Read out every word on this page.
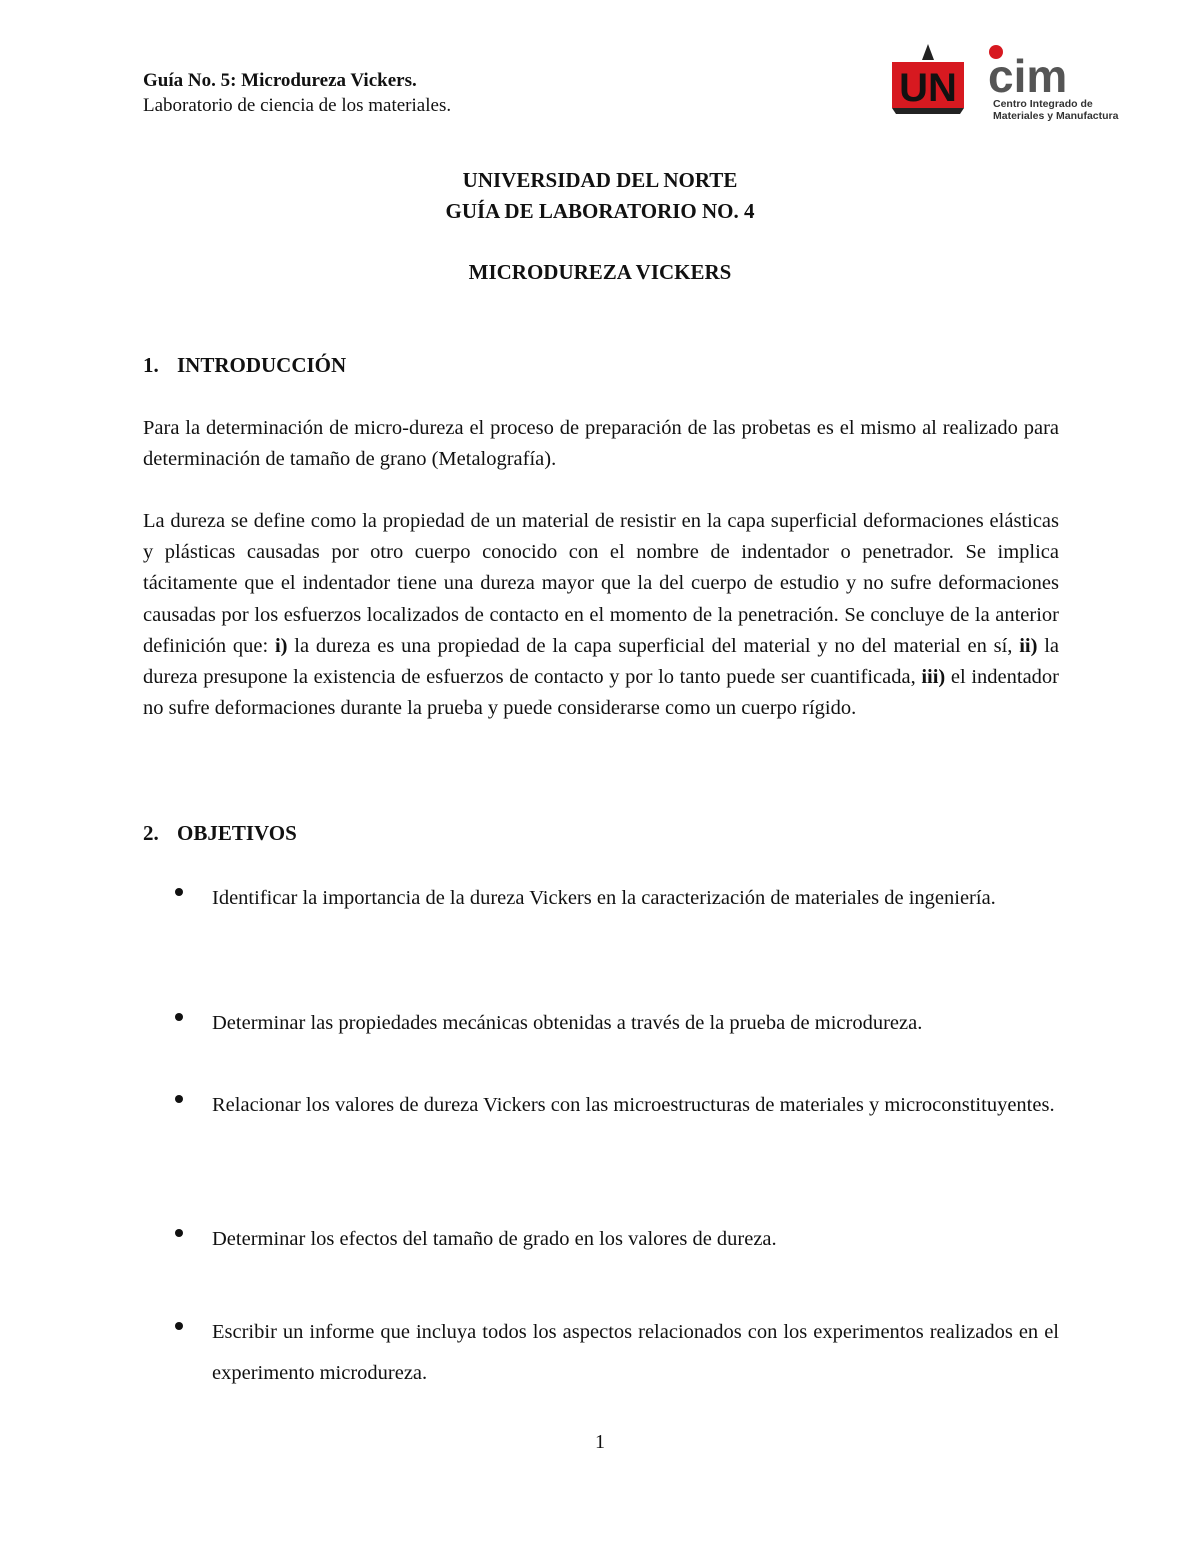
Guía No. 5: Microdureza Vickers.
Laboratorio de ciencia de los materiales.	UN cim
Centro Integrado de
Materiales y Manufactura
UNIVERSIDAD DEL NORTE
GUÍA DE LABORATORIO NO. 4
MICRODUREZA VICKERS
1. INTRODUCCIÓN

Para la determinación de micro-dureza el proceso de preparación de las probetas es el mismo al realizado para determinación de tamaño de grano (Metalografía).

La dureza se define como la propiedad de un material de resistir en la capa superficial deformaciones elásticas y plásticas causadas por otro cuerpo conocido con el nombre de indentador o penetrador. Se implica tácitamente que el indentador tiene una dureza mayor que la del cuerpo de estudio y no sufre deformaciones causadas por los esfuerzos localizados de contacto en el momento de la penetración. Se concluye de la anterior definición que: i) la dureza es una propiedad de la capa superficial del material y no del material en sí, ii) la dureza presupone la existencia de esfuerzos de contacto y por lo tanto puede ser cuantificada, iii) el indentador no sufre deformaciones durante la prueba y puede considerarse como un cuerpo rígido.

2. OBJETIVOS

Identificar la importancia de la dureza Vickers en la caracterización de materiales de ingeniería.

Determinar las propiedades mecánicas obtenidas a través de la prueba de microdureza.

Relacionar los valores de dureza Vickers con las microestructuras de materiales y microconstituyentes.

Determinar los efectos del tamaño de grado en los valores de dureza.

Escribir un informe que incluya todos los aspectos relacionados con los experimentos realizados en el experimento microdureza.

1
